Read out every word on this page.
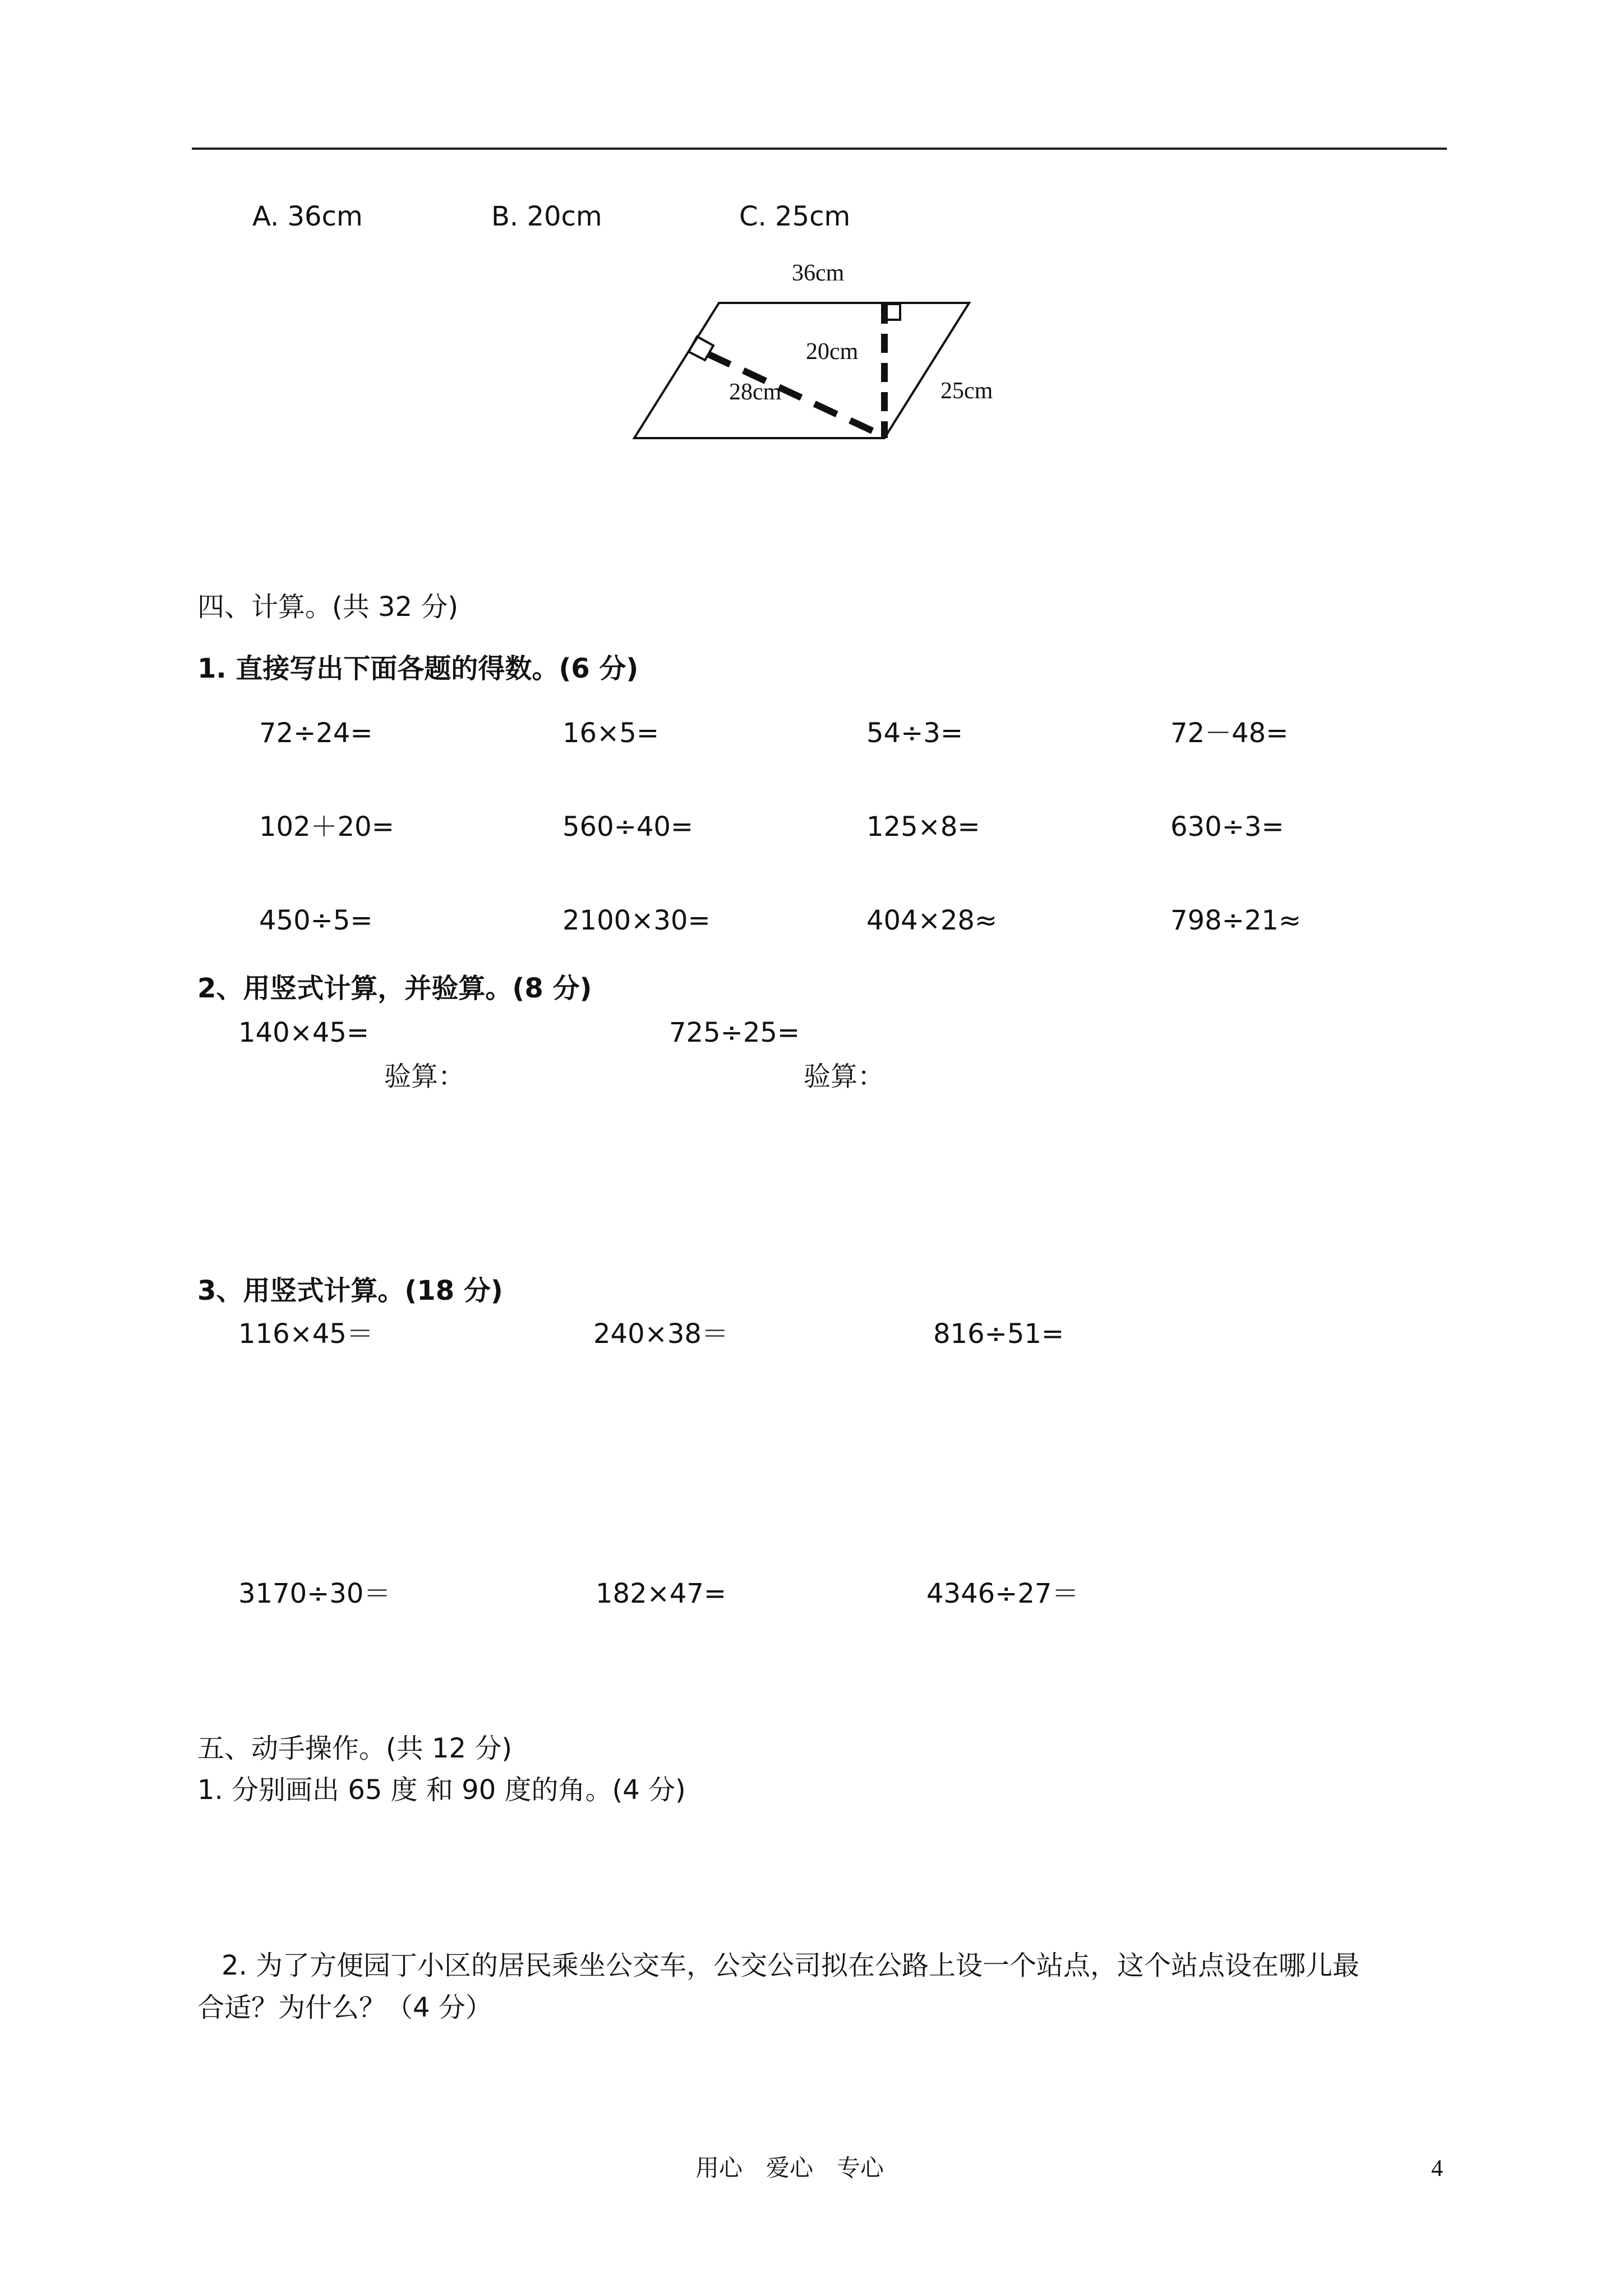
A. 36cm	B. 20cm	C. 25cm
36cm
20cm
28cm	25cm
四、计算。(共 32 分)
1. 直接写出下面各题的得数。(6 分)
72÷24=	16×5=	54÷3=	72－48=
102＋20=	560÷40=	125×8=	630÷3=
450÷5=	2100×30=	404×28≈	798÷21≈
2、用竖式计算，并验算。(8 分)
140×45=	725÷25=
验算：	验算：
3、用竖式计算。(18 分)
116×45＝	240×38＝	816÷51=
3170÷30＝	182×47=	4346÷27＝
五、动手操作。(共 12 分)
1. 分别画出 65 度 和 90 度的角。(4 分)
2. 为了方便园丁小区的居民乘坐公交车，公交公司拟在公路上设一个站点，这个站点设在哪儿最
合适？为什么？（4 分）
用心　爱心　专心	4
